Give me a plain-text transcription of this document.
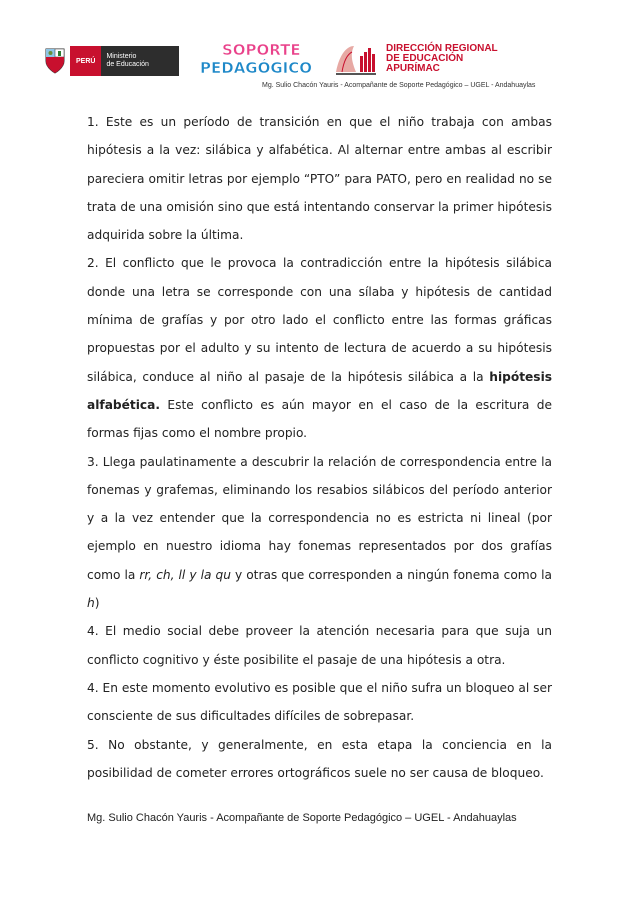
PERÚ
Ministerio
de Educación
SOPORTE
PEDAGÓGICO
DIRECCIÓN REGIONAL
DE EDUCACIÓN
APURÍMAC
Mg. Sulio Chacón Yauris - Acompañante de Soporte Pedagógico – UGEL - Andahuaylas

1. Este es un período de transición en que el niño trabaja con ambas hipótesis a la vez: silábica y alfabética. Al alternar entre ambas al escribir pareciera omitir letras por ejemplo “PTO” para PATO, pero en realidad no se trata de una omisión sino que está intentando conservar la primer hipótesis adquirida sobre la última.

2. El conflicto que le provoca la contradicción entre la hipótesis silábica donde una letra se corresponde con una sílaba y hipótesis de cantidad mínima de grafías y por otro lado el conflicto entre las formas gráficas propuestas por el adulto y su intento de lectura de acuerdo a su hipótesis silábica, conduce al niño al pasaje de la hipótesis silábica a la hipótesis alfabética. Este conflicto es aún mayor en el caso de la escritura de formas fijas como el nombre propio.

3. Llega paulatinamente a descubrir la relación de correspondencia entre la fonemas y grafemas, eliminando los resabios silábicos del período anterior y a la vez entender que la correspondencia no es estricta ni lineal (por ejemplo en nuestro idioma hay fonemas representados por dos grafías como la rr, ch, ll y la qu y otras que corresponden a ningún fonema como la h)

4. El medio social debe proveer la atención necesaria para que suja un conflicto cognitivo y éste posibilite el pasaje de una hipótesis a otra.

4. En este momento evolutivo es posible que el niño sufra un bloqueo al ser consciente de sus dificultades difíciles de sobrepasar.

5. No obstante, y generalmente, en esta etapa la conciencia en la posibilidad de cometer errores ortográficos suele no ser causa de bloqueo.

Mg. Sulio Chacón Yauris - Acompañante de Soporte Pedagógico – UGEL - Andahuaylas
